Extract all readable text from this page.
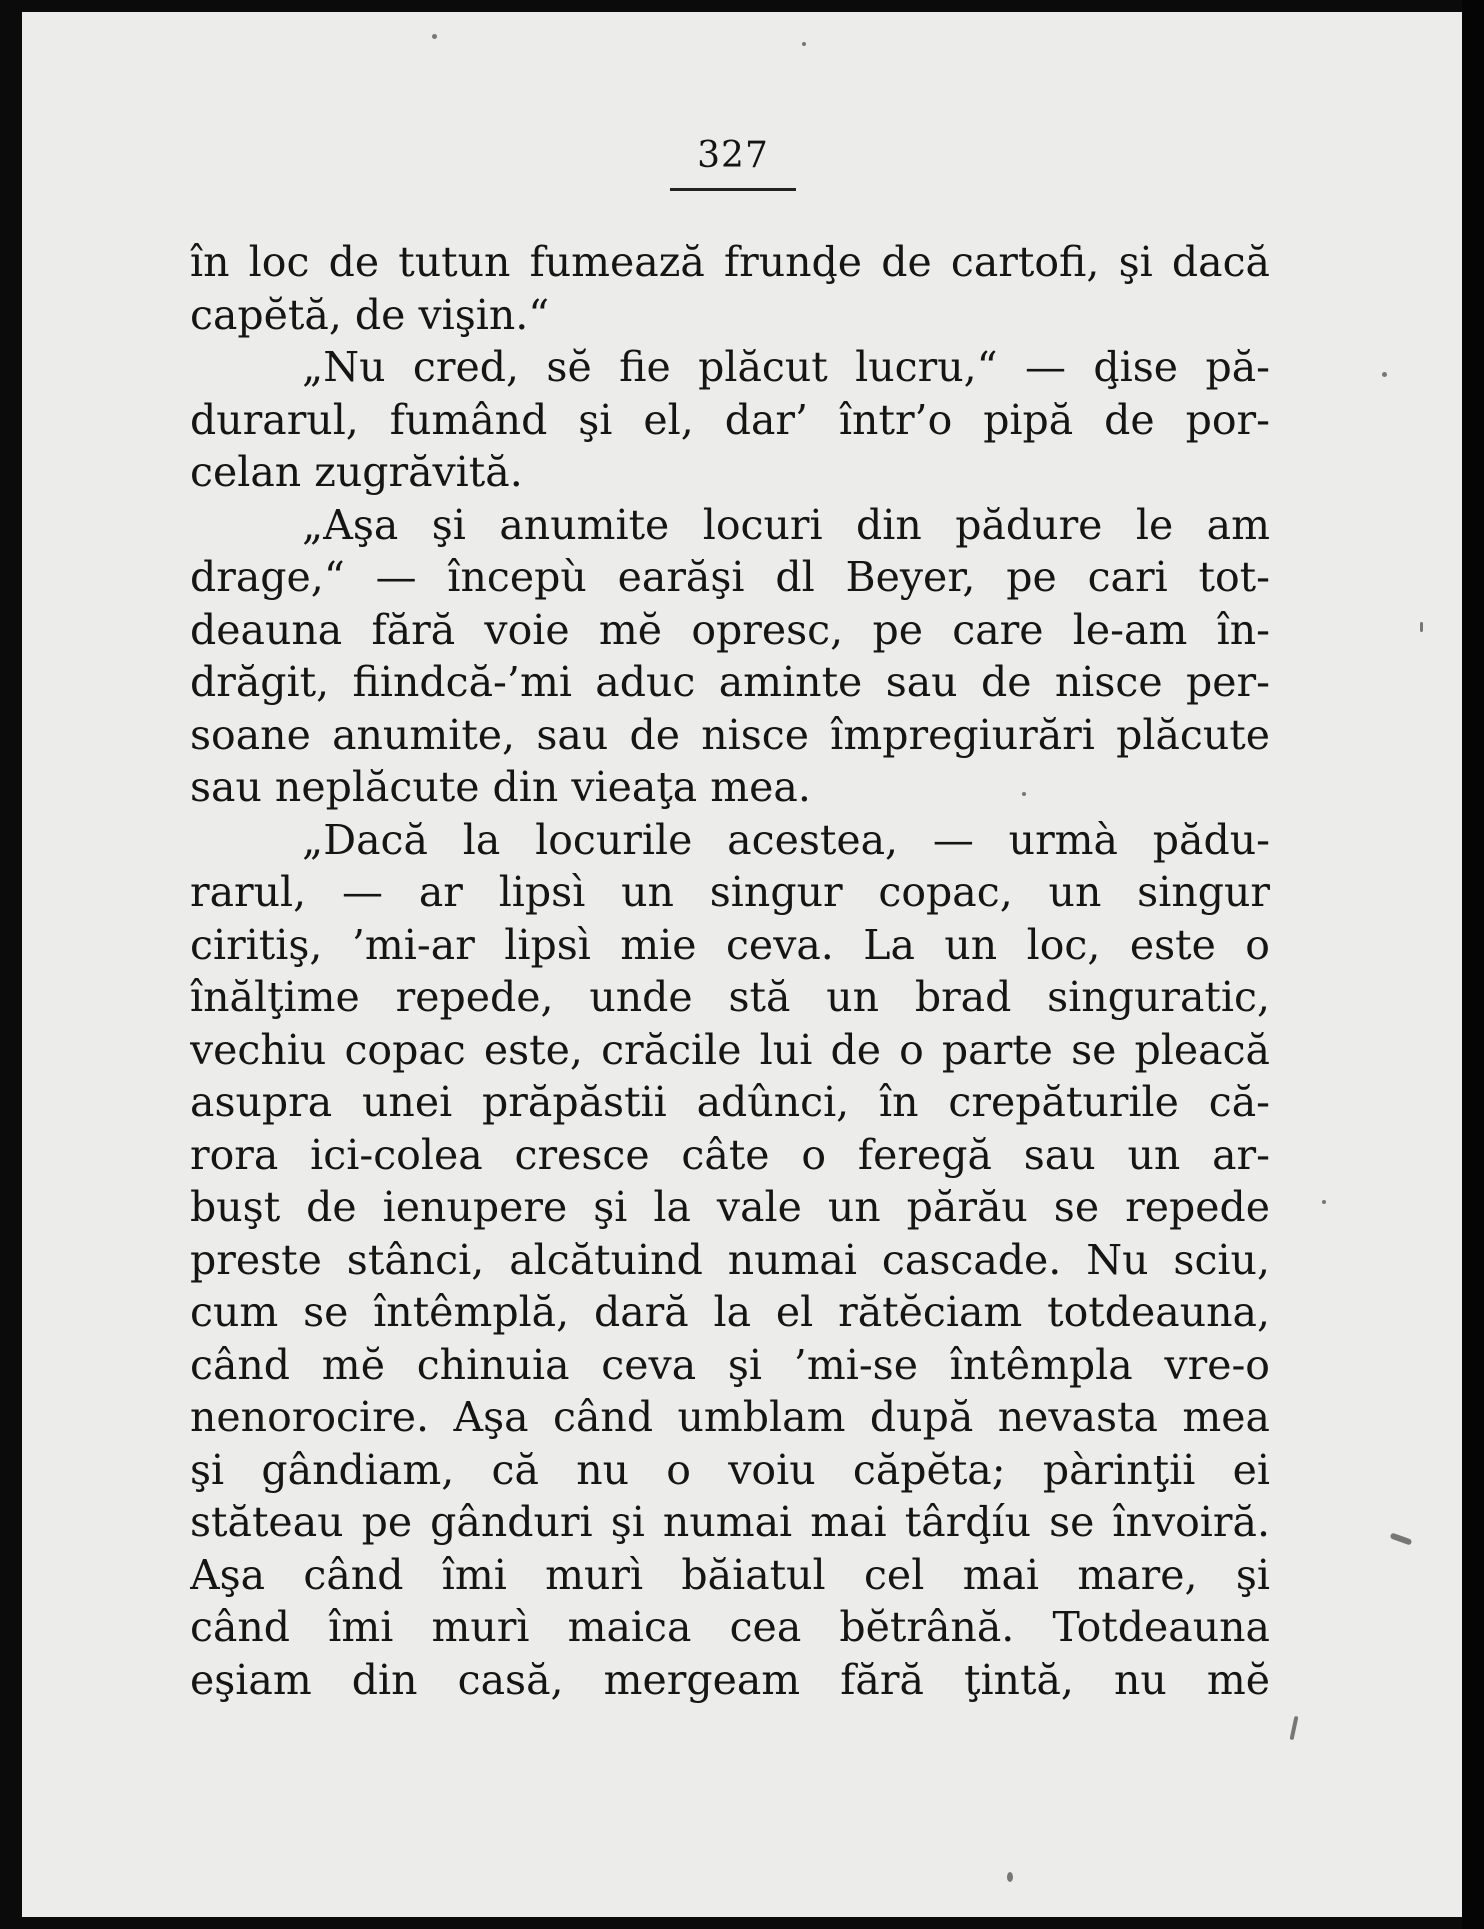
327
în loc de tutun fumează frunḑe de cartofi, şi dacă
capĕtă, de vişin.“
„Nu cred, sĕ fie plăcut lucru,“ — ḑise pă-
durarul, fumând şi el, dar’ într’o pipă de por-
celan zugrăvită.
„Aşa şi anumite locuri din pădure le am
drage,“ — începù earăşi dl Beyer, pe cari tot-
deauna fără voie mĕ opresc, pe care le-am în-
drăgit, fiindcă-’mi aduc aminte sau de nisce per-
soane anumite, sau de nisce împregiurări plăcute
sau neplăcute din vieaţa mea.
„Dacă la locurile acestea, — urmà pădu-
rarul, — ar lipsì un singur copac, un singur
ciritiş, ’mi-ar lipsì mie ceva. La un loc, este o
înălţime repede, unde stă un brad singuratic,
vechiu copac este, crăcile lui de o parte se pleacă
asupra unei prăpăstii adûnci, în crepăturile că-
rora ici-colea cresce câte o feregă sau un ar-
buşt de ienupere şi la vale un părău se repede
preste stânci, alcătuind numai cascade. Nu sciu,
cum se întêmplă, dară la el rătĕciam totdeauna,
când mĕ chinuia ceva şi ’mi-se întêmpla vre-o
nenorocire. Aşa când umblam după nevasta mea
şi gândiam, că nu o voiu căpĕta; pàrinţii ei
stăteau pe gânduri şi numai mai târḑíu se învoiră.
Aşa când îmi murì băiatul cel mai mare, şi
când îmi murì maica cea bĕtrână. Totdeauna
eşiam din casă, mergeam fără ţintă, nu mĕ
